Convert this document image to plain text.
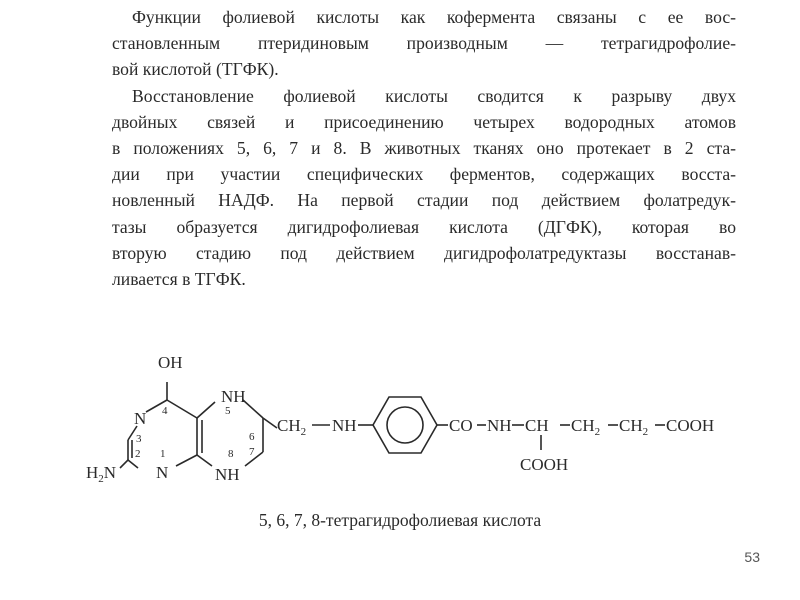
Функции фолиевой кислоты как кофермента связаны с ее вос-
становленным птеридиновым производным — тетрагидрофолие-
вой кислотой (ТГФК).

Восстановление фолиевой кислоты сводится к разрыву двух
двойных связей и присоединению четырех водородных атомов
в положениях 5, 6, 7 и 8. В животных тканях оно протекает в 2 ста-
дии при участии специфических ферментов, содержащих восста-
новленный НАДФ. На первой стадии под действием фолатредук-
тазы образуется дигидрофолиевая кислота (ДГФК), которая во
вторую стадию под действием дигидрофолатредуктазы восстанав-
ливается в ТГФК.

OH
N
N
$H_2N$
NH
NH
4	5
3
2 1	8
6
7
$CH_2$ NH	CO NH CH $CH_2$ $CH_2$ COOH
COOH
5, 6, 7, 8-тетрагидрофолиевая кислота
53
